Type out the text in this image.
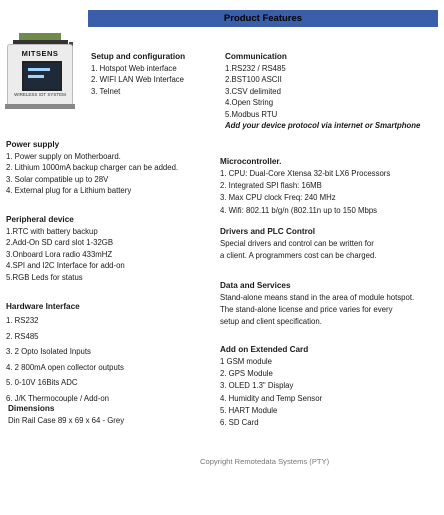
Product Features
MITSENS
WIRELESS IOT SYSTEM
Setup and configuration
1. Hotspot Web interface
2. WIFI LAN Web Interface
3. Telnet
Communication
1.RS232 / RS485
2.BST100 ASCII
3.CSV delimited
4.Open String
5.Modbus RTU
Add your device protocol via internet or Smartphone
Power supply
1. Power supply on Motherboard.
2. Lithium 1000mA backup charger can be added.
3. Solar compatible up to 28V
4. External plug for a Lithium battery
Microcontroller.
1. CPU: Dual-Core Xtensa 32-bit LX6 Processors
2. Integrated SPI flash: 16MB
3. Max CPU clock Freq: 240 MHz
4. Wifi: 802.11 b/g/n (802.11n up to 150 Mbps
Peripheral device
1.RTC with battery backup
2.Add-On SD card slot 1-32GB
3.Onboard Lora radio 433mHZ
4.SPI and I2C Interface for add-on
5.RGB Leds for status
Drivers and PLC Control
Special drivers and control can be written for
a client. A programmers cost can be charged.
Data and Services
Stand-alone means stand in the area of module hotspot.
The stand-alone license and price varies for every
setup and client specification.
Hardware Interface
1. RS232
2. RS485
3. 2 Opto Isolated Inputs
4. 2 800mA open collector outputs
5. 0-10V 16Bits ADC
6. J/K Thermocouple / Add-on
Add on Extended Card
1 GSM module
2. GPS Module
3. OLED 1.3" Display
4. Humidity and Temp Sensor
5. HART Module
6. SD Card
Dimensions
Din Rail Case 89 x 69 x 64 - Grey
Copyright Remotedata Systems (PTY)
